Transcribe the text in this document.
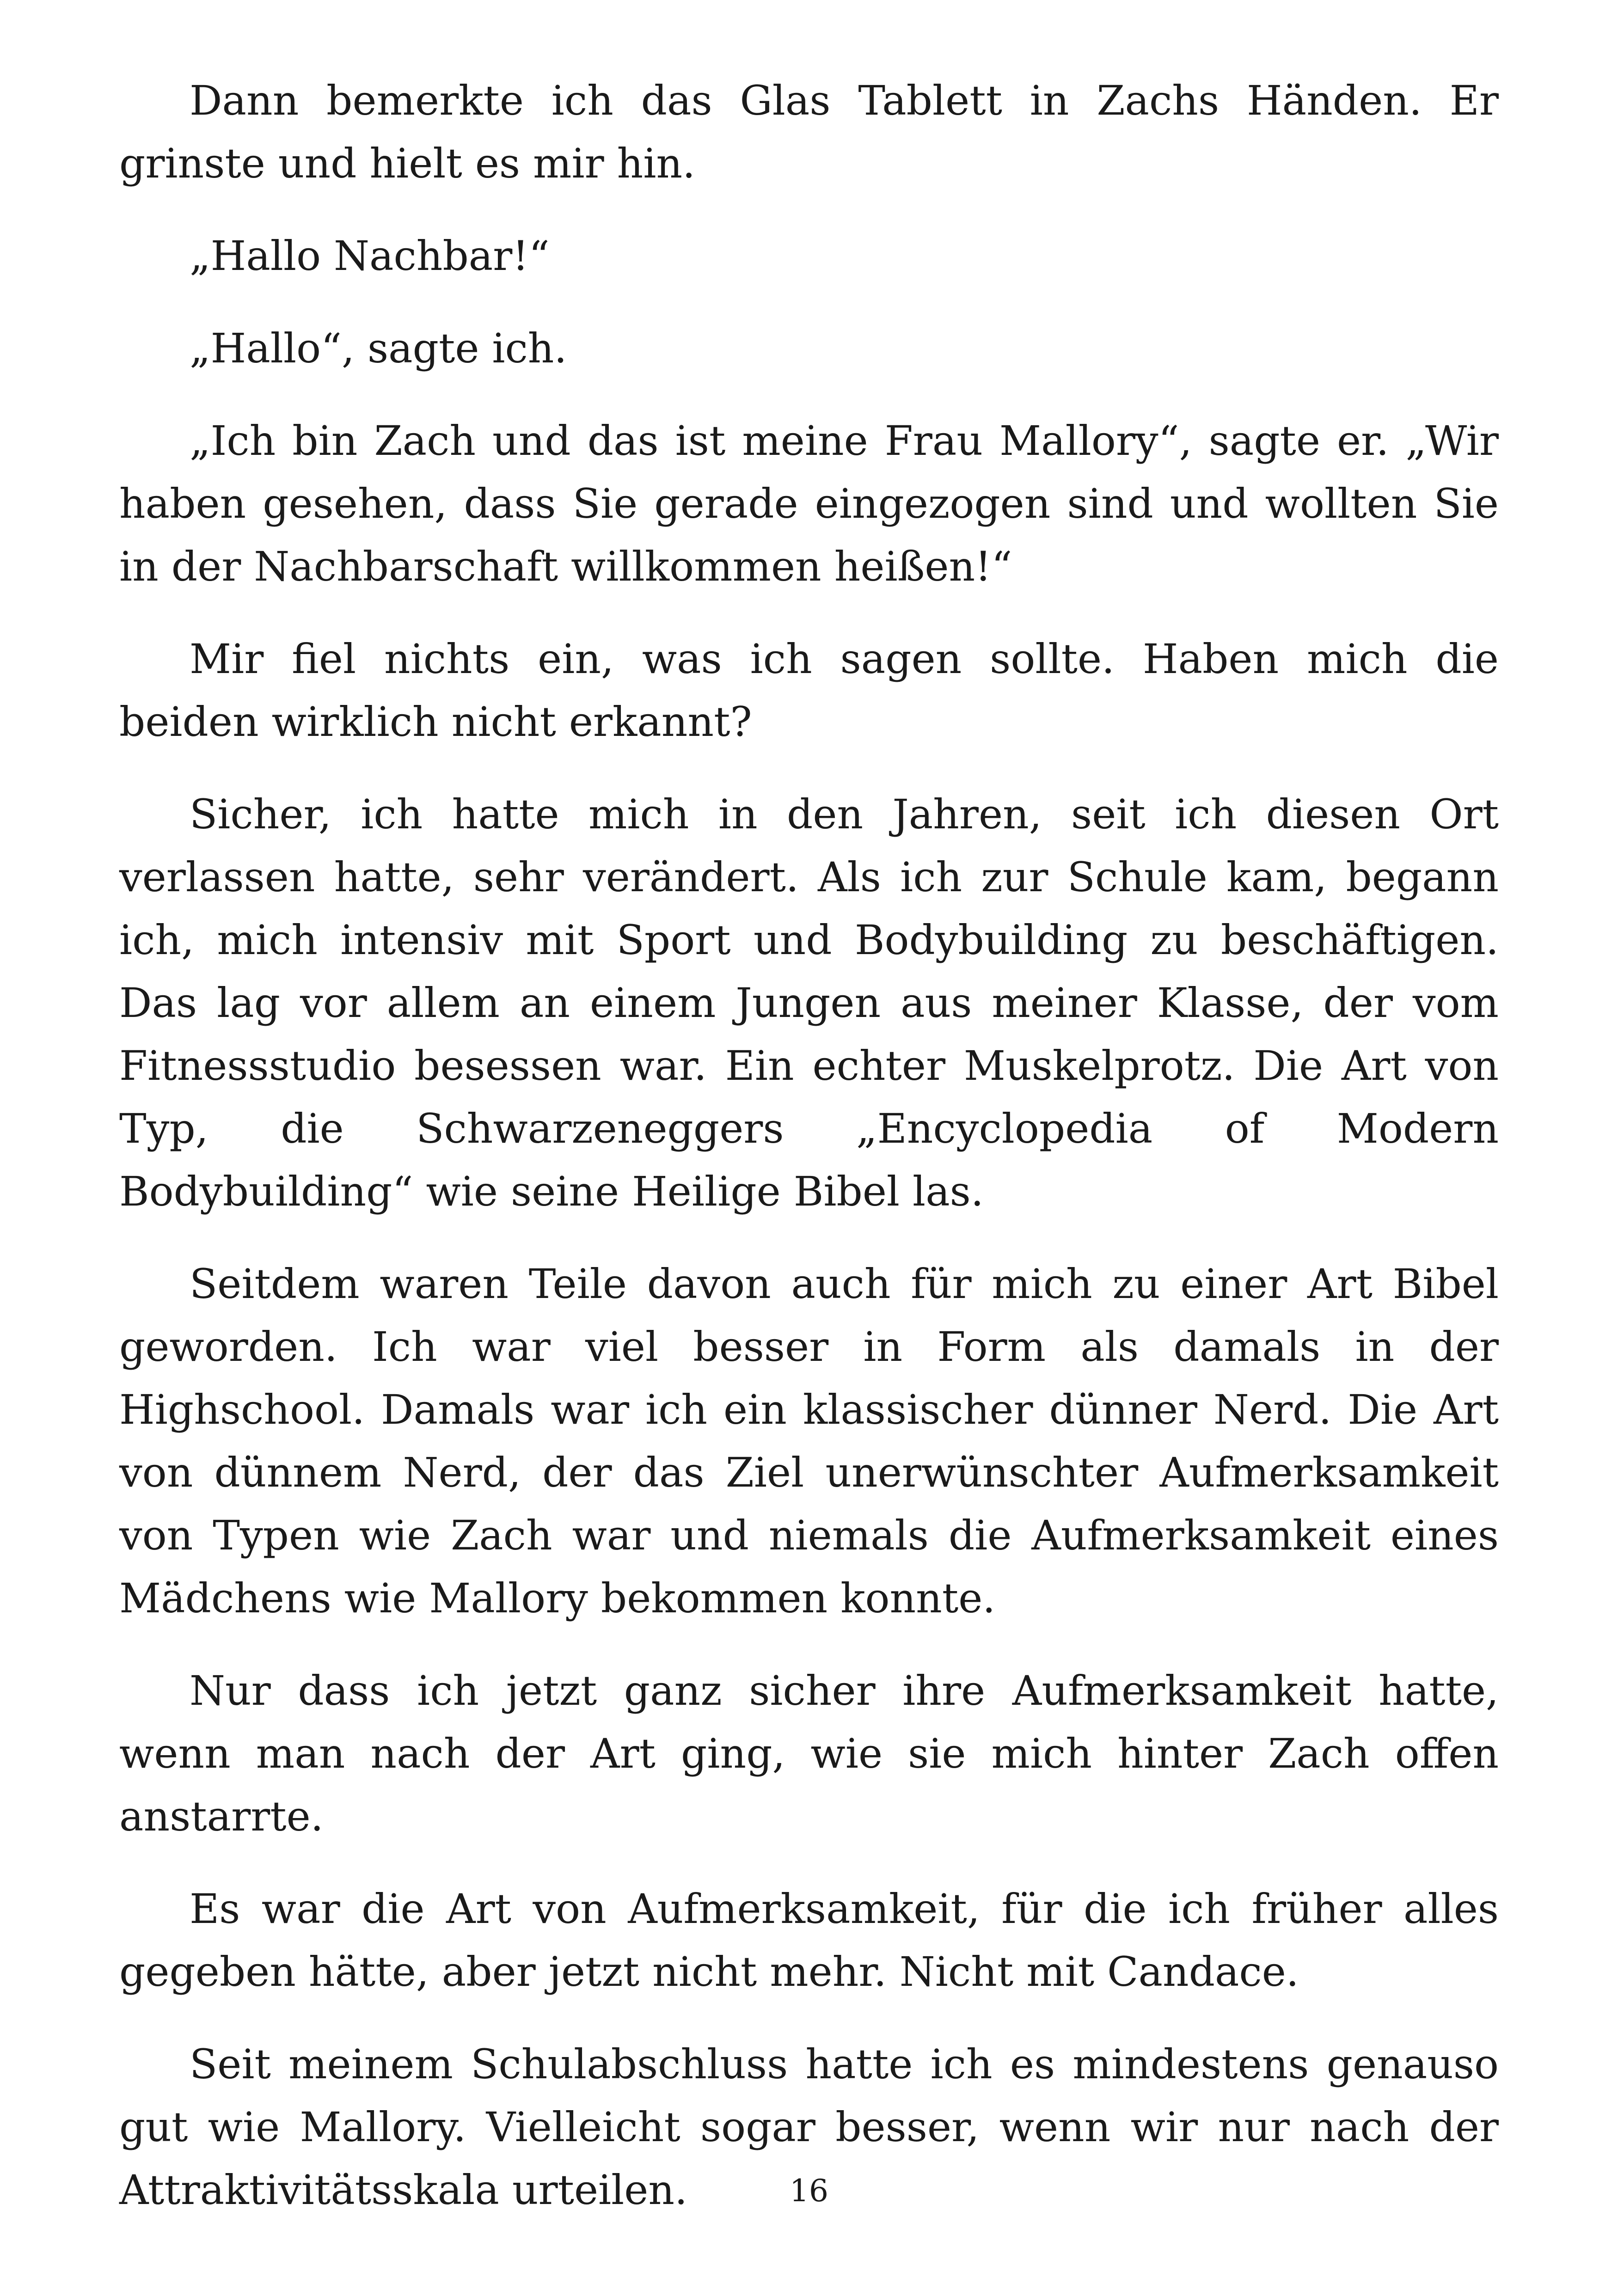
Dann bemerkte ich das Glas Tablett in Zachs Händen. Er grinste und hielt es mir hin.

„Hallo Nachbar!“

„Hallo“, sagte ich.

„Ich bin Zach und das ist meine Frau Mallory“, sagte er. „Wir haben gesehen, dass Sie gerade eingezogen sind und wollten Sie in der Nachbarschaft willkommen heißen!“

Mir fiel nichts ein, was ich sagen sollte. Haben mich die beiden wirklich nicht erkannt?

Sicher, ich hatte mich in den Jahren, seit ich diesen Ort verlassen hatte, sehr verändert. Als ich zur Schule kam, begann ich, mich intensiv mit Sport und Bodybuilding zu beschäftigen. Das lag vor allem an einem Jungen aus meiner Klasse, der vom Fitnessstudio besessen war. Ein echter Muskelprotz. Die Art von Typ, die Schwarzeneggers „Encyclopedia of Modern Bodybuilding“ wie seine Heilige Bibel las.

Seitdem waren Teile davon auch für mich zu einer Art Bibel geworden. Ich war viel besser in Form als damals in der Highschool. Damals war ich ein klassischer dünner Nerd. Die Art von dünnem Nerd, der das Ziel unerwünschter Aufmerksamkeit von Typen wie Zach war und niemals die Aufmerksamkeit eines Mädchens wie Mallory bekommen konnte.

Nur dass ich jetzt ganz sicher ihre Aufmerksamkeit hatte, wenn man nach der Art ging, wie sie mich hinter Zach offen anstarrte.

Es war die Art von Aufmerksamkeit, für die ich früher alles gegeben hätte, aber jetzt nicht mehr. Nicht mit Candace.

Seit meinem Schulabschluss hatte ich es mindestens genauso gut wie Mallory. Vielleicht sogar besser, wenn wir nur nach der Attraktivitätsskala urteilen.	16
